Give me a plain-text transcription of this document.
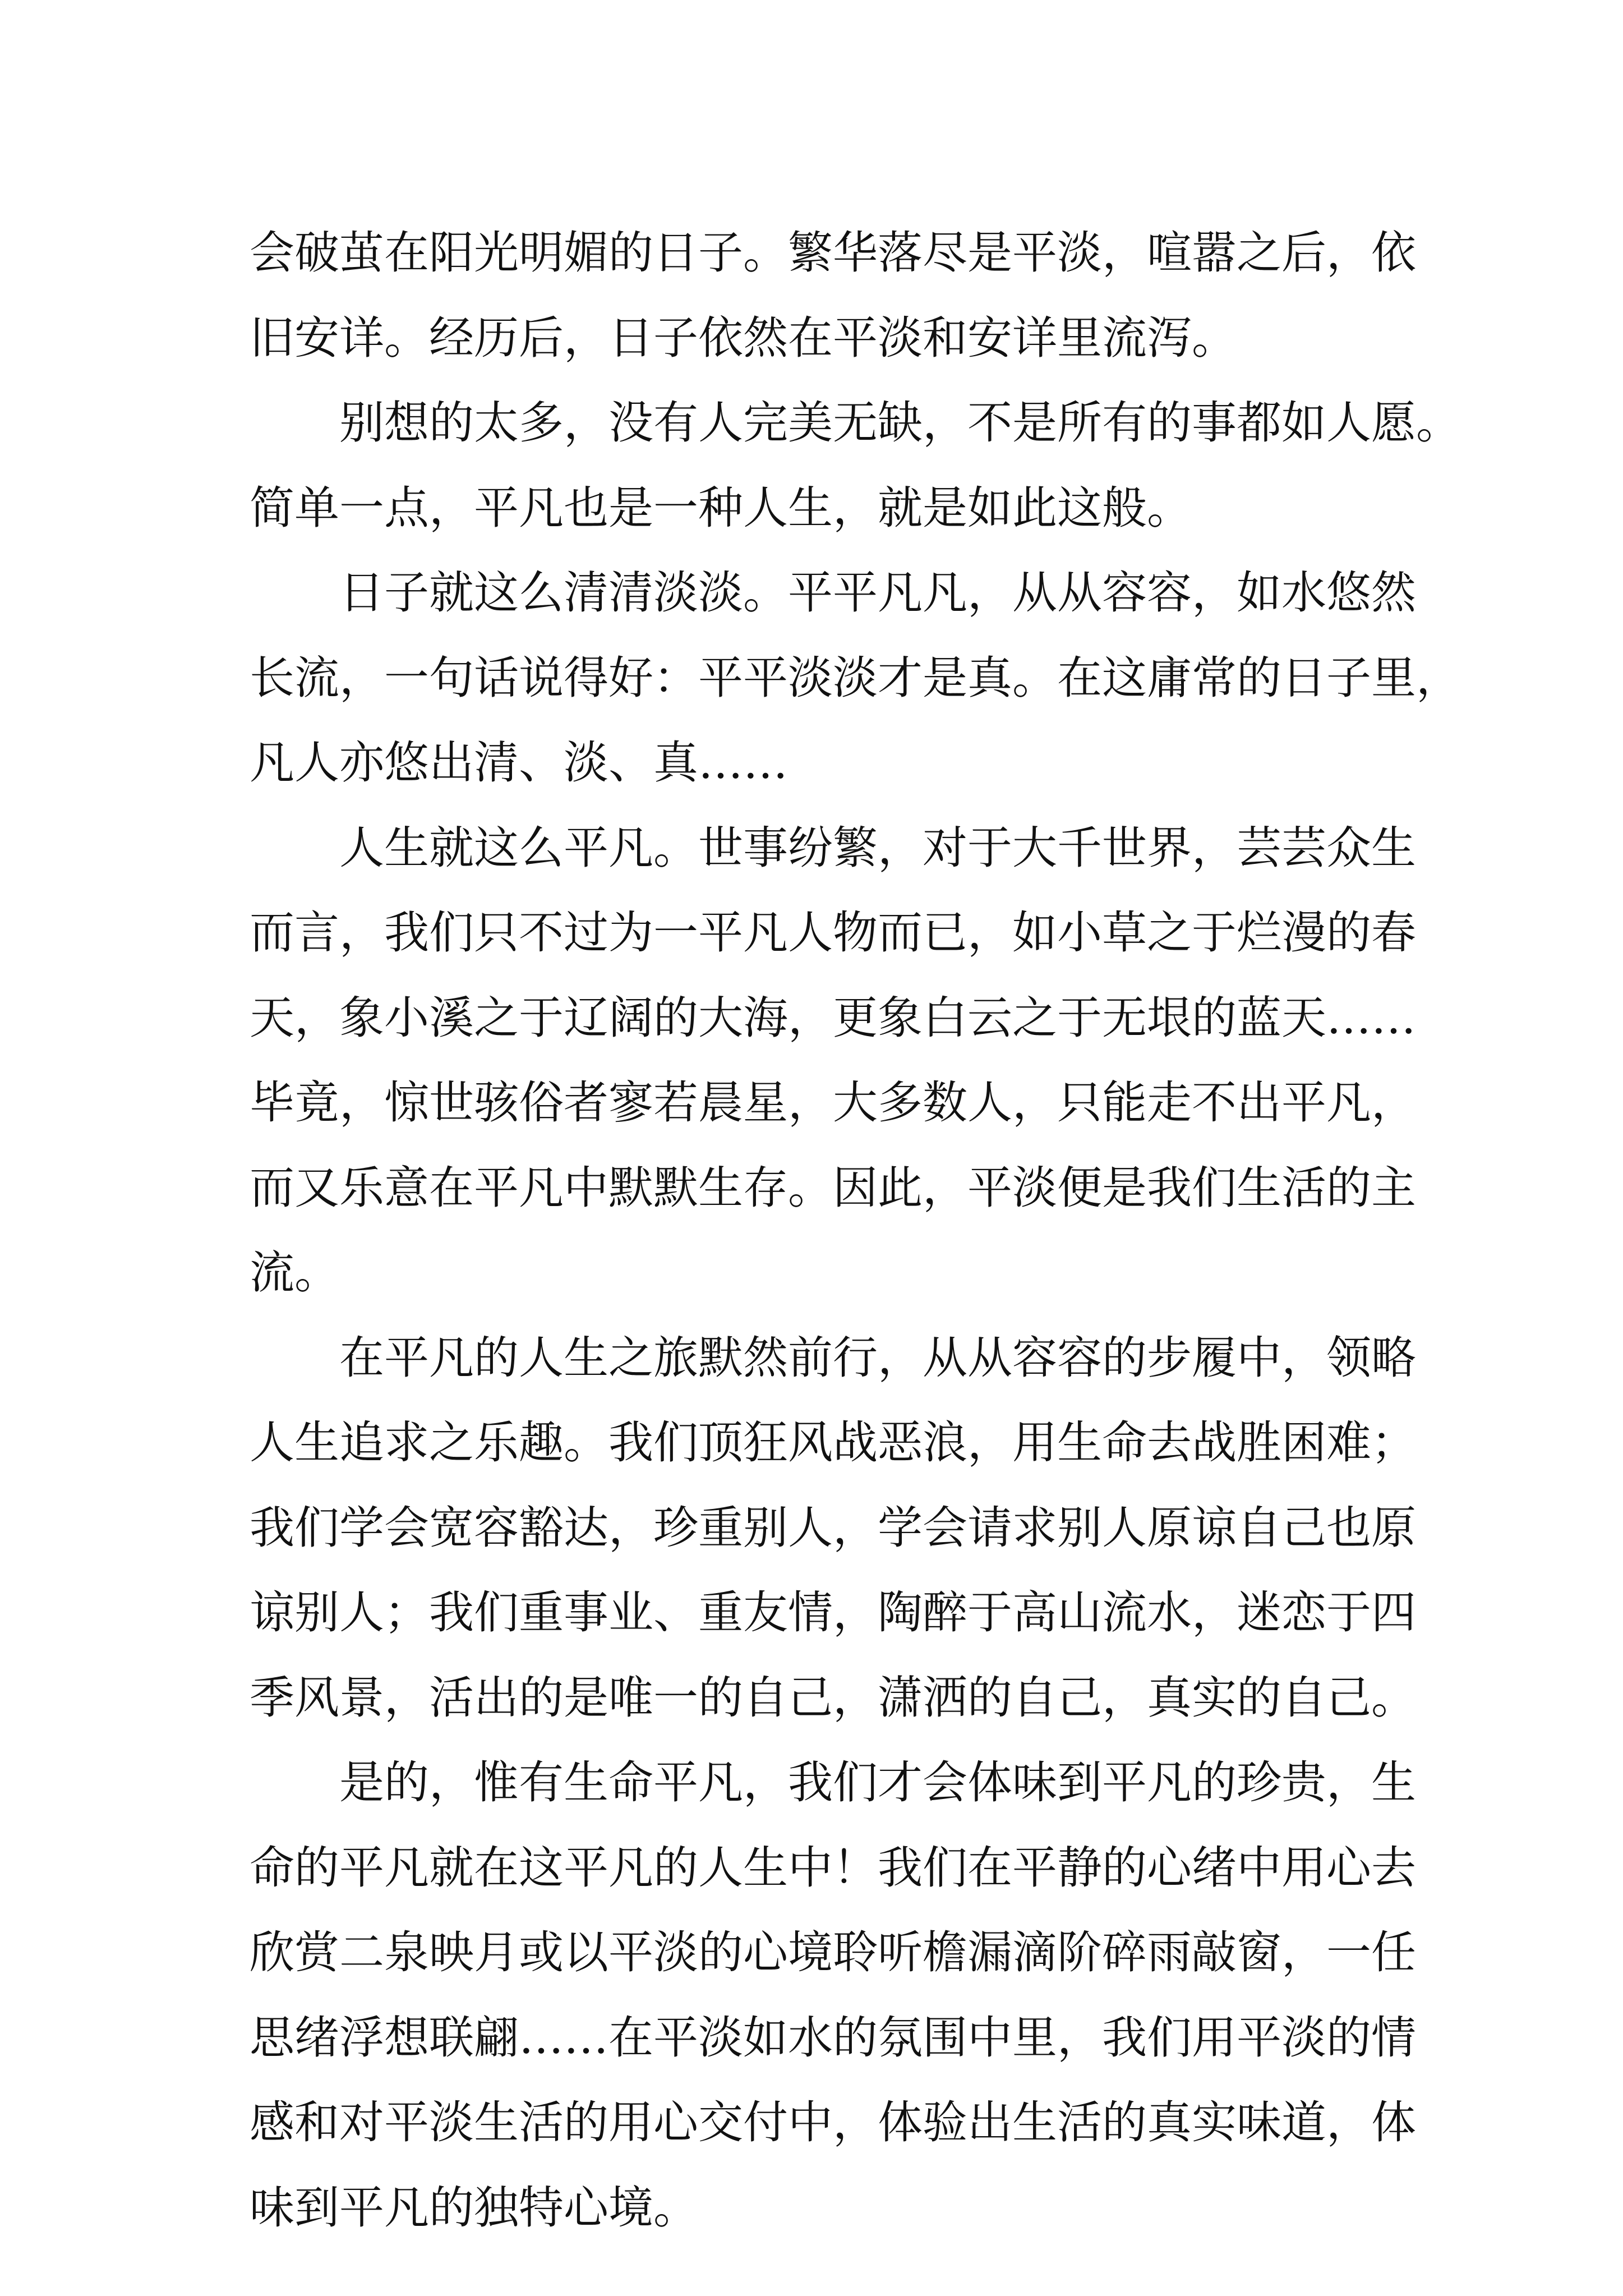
会破茧在阳光明媚的日子。繁华落尽是平淡，喧嚣之后，依
旧安详。经历后，日子依然在平淡和安详里流泻。
别想的太多，没有人完美无缺，不是所有的事都如人愿。
简单一点，平凡也是一种人生，就是如此这般。
日子就这么清清淡淡。平平凡凡，从从容容，如水悠然
长流，一句话说得好：平平淡淡才是真。在这庸常的日子里，
凡人亦悠出清、淡、真……
人生就这么平凡。世事纷繁，对于大千世界，芸芸众生
而言，我们只不过为一平凡人物而已，如小草之于烂漫的春
天，象小溪之于辽阔的大海，更象白云之于无垠的蓝天……
毕竟，惊世骇俗者寥若晨星，大多数人，只能走不出平凡，
而又乐意在平凡中默默生存。因此，平淡便是我们生活的主
流。
在平凡的人生之旅默然前行，从从容容的步履中，领略
人生追求之乐趣。我们顶狂风战恶浪，用生命去战胜困难；
我们学会宽容豁达，珍重别人，学会请求别人原谅自己也原
谅别人；我们重事业、重友情，陶醉于高山流水，迷恋于四
季风景，活出的是唯一的自己，潇洒的自己，真实的自己。
是的，惟有生命平凡，我们才会体味到平凡的珍贵，生
命的平凡就在这平凡的人生中！我们在平静的心绪中用心去
欣赏二泉映月或以平淡的心境聆听檐漏滴阶碎雨敲窗，一任
思绪浮想联翩……在平淡如水的氛围中里，我们用平淡的情
感和对平淡生活的用心交付中，体验出生活的真实味道，体
味到平凡的独特心境。
